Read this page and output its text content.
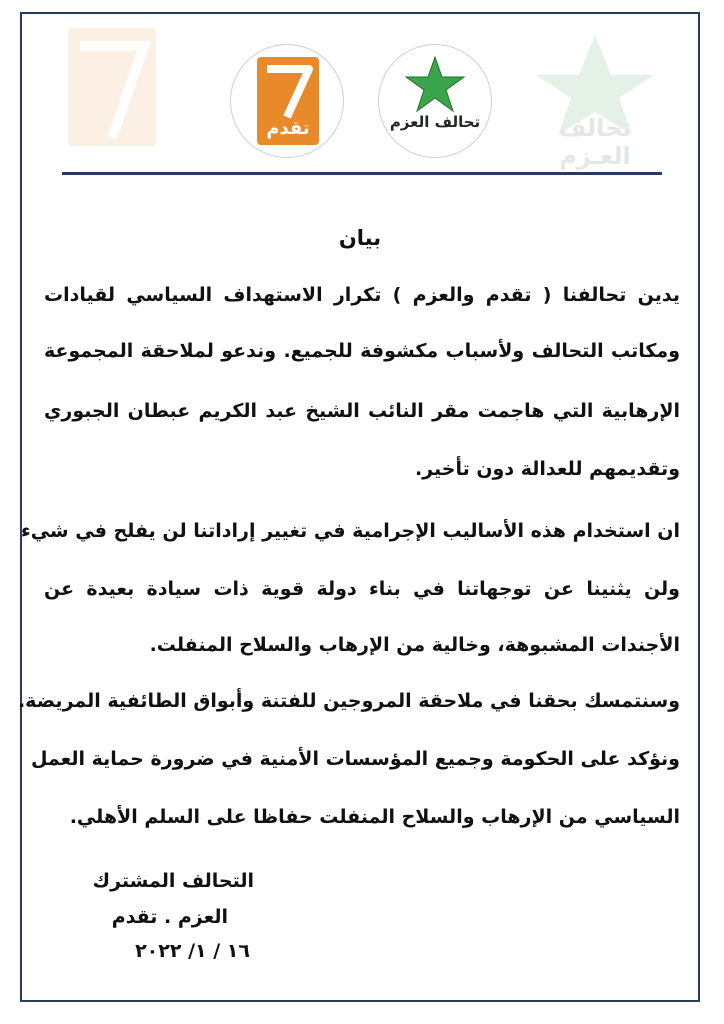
تحالف العـزم
تقدم	تحالف العزم
بيان
يدين تحالفنا ( تقدم والعزم ) تكرار الاستهداف السياسي لقيادات
ومكاتب التحالف ولأسباب مكشوفة للجميع. وندعو لملاحقة المجموعة
الإرهابية التي هاجمت مقر النائب الشيخ عبد الكريم عبطان الجبوري
وتقديمهم للعدالة دون تأخير.
ان استخدام هذه الأساليب الإجرامية في تغيير إراداتنا لن يفلح في شيء
ولن يثنينا عن توجهاتنا في بناء دولة قوية ذات سيادة بعيدة عن
الأجندات المشبوهة، وخالية من الإرهاب والسلاح المنفلت.
وسنتمسك بحقنا في ملاحقة المروجين للفتنة وأبواق الطائفية المريضة.
ونؤكد على الحكومة وجميع المؤسسات الأمنية في ضرورة حماية العمل
السياسي من الإرهاب والسلاح المنفلت حفاظا على السلم الأهلي.
التحالف المشترك
العزم . تقدم
١٦ / ١/ ٢٠٢٢
